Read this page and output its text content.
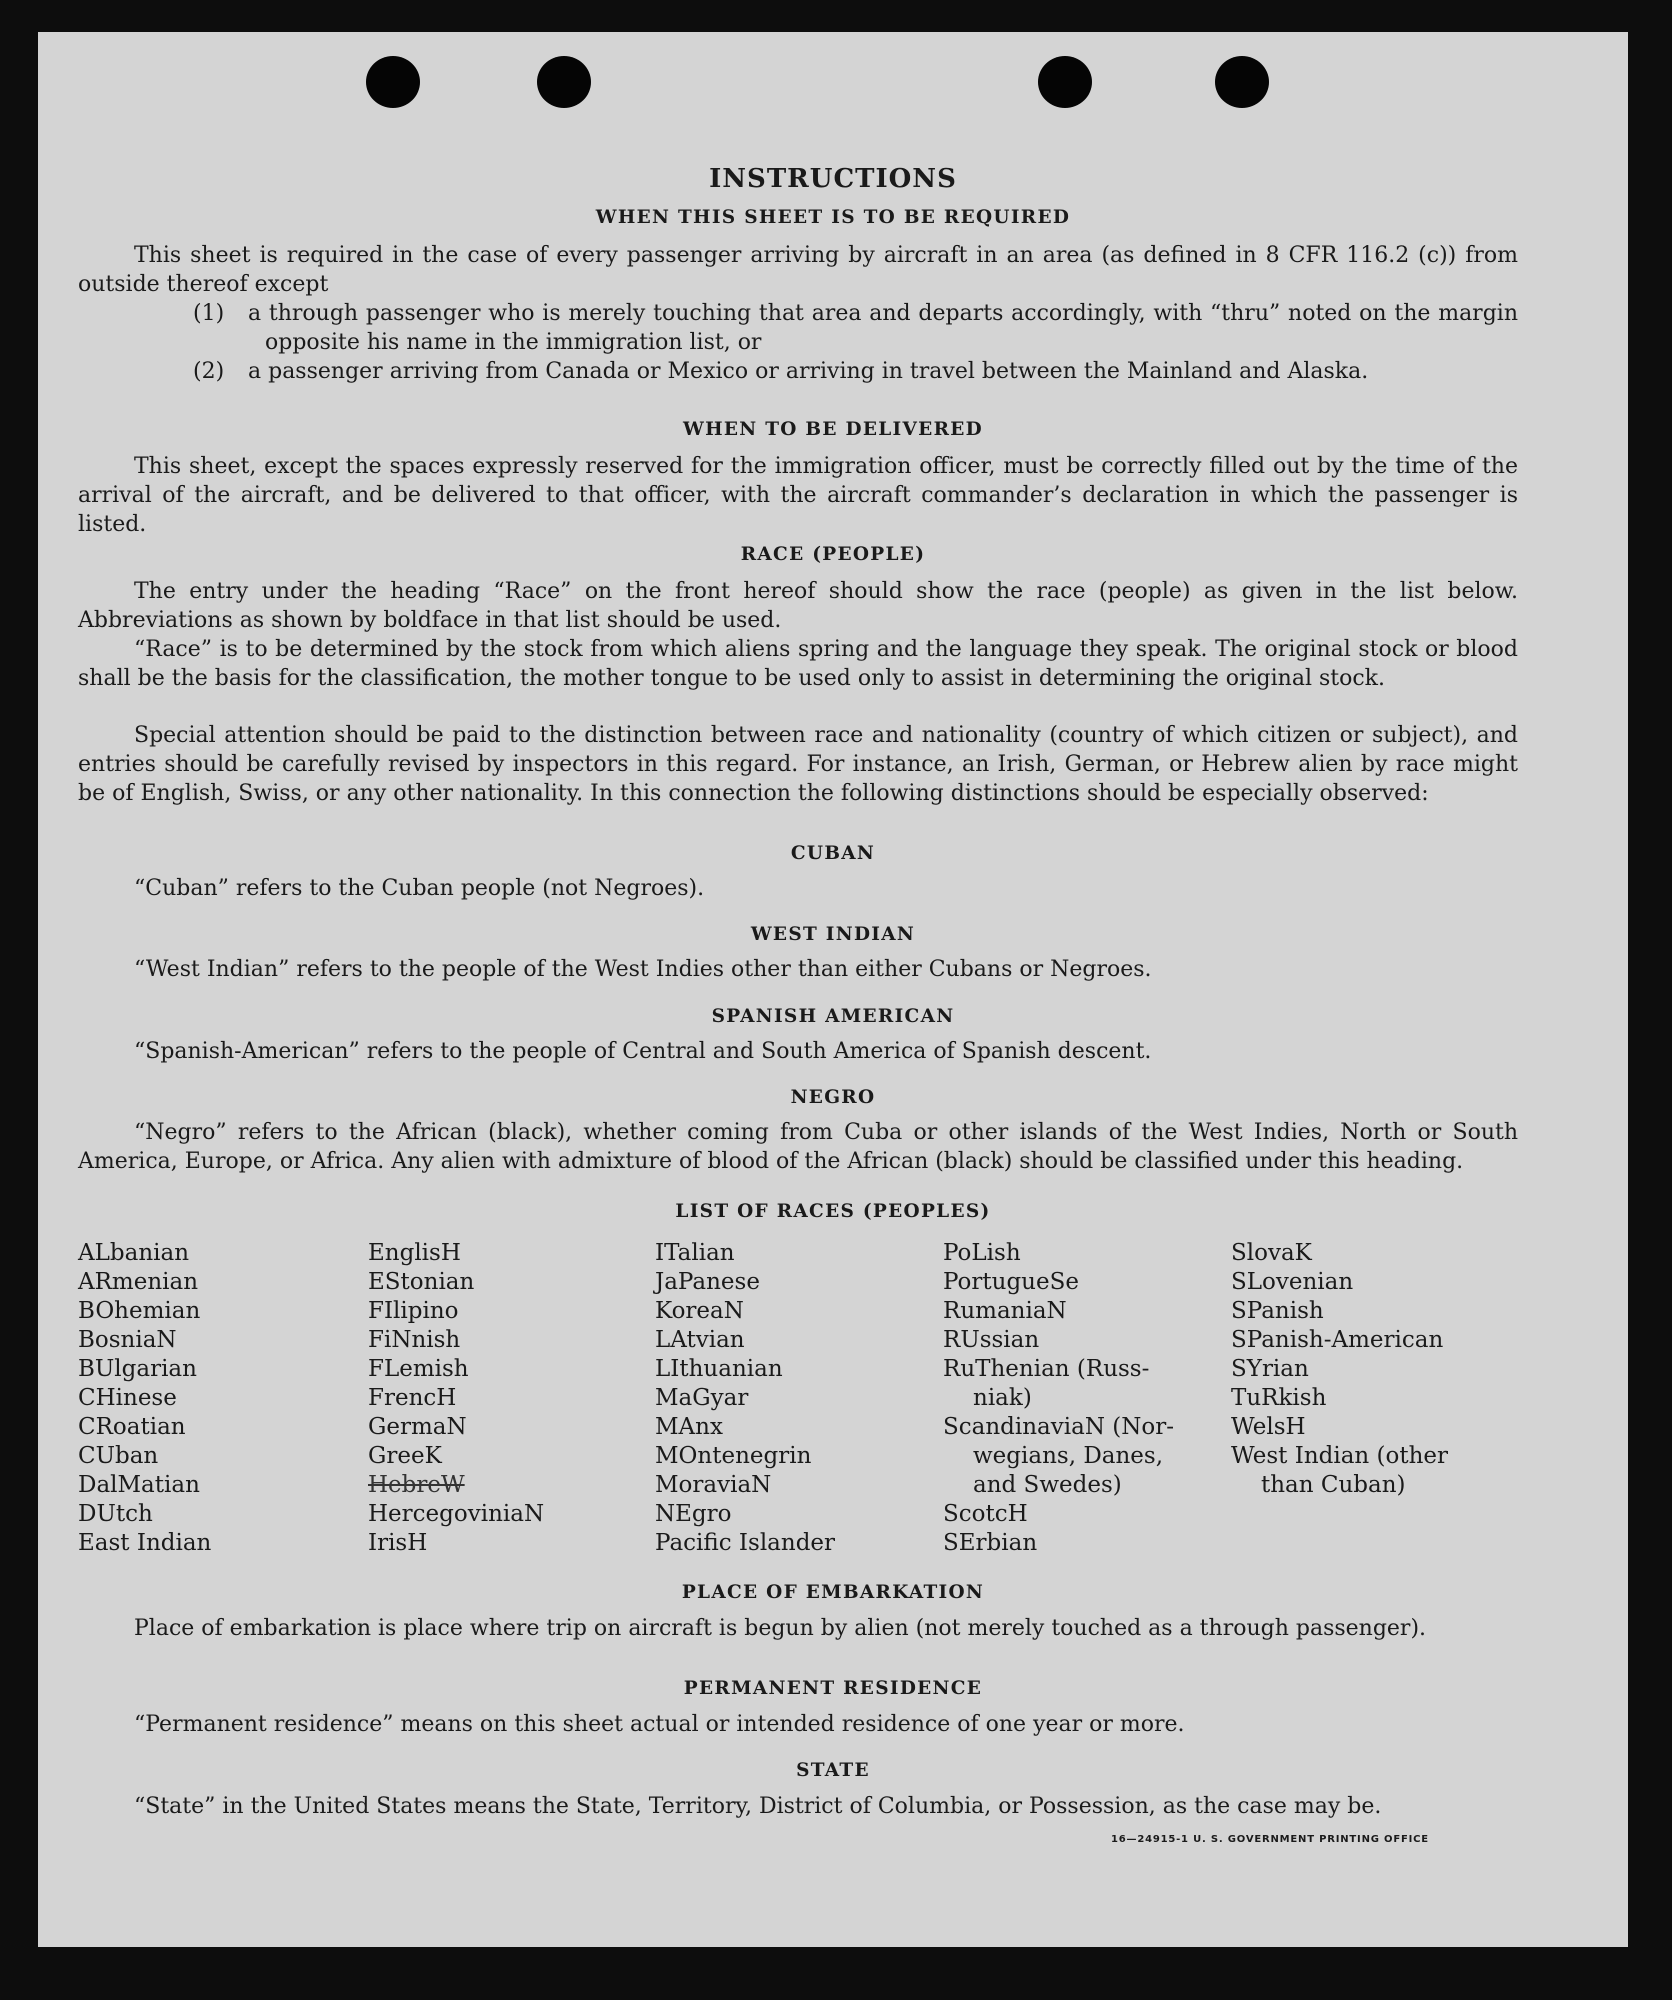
INSTRUCTIONS
WHEN THIS SHEET IS TO BE REQUIRED
This sheet is required in the case of every passenger arriving by aircraft in an area (as defined in 8 CFR 116.2 (c)) from outside thereof except
(1) a through passenger who is merely touching that area and departs accordingly, with “thru” noted on the margin opposite his name in the immigration list, or
(2) a passenger arriving from Canada or Mexico or arriving in travel between the Mainland and Alaska.
WHEN TO BE DELIVERED
This sheet, except the spaces expressly reserved for the immigration officer, must be correctly filled out by the time of the arrival of the aircraft, and be delivered to that officer, with the aircraft commander’s declaration in which the passenger is listed.
RACE (PEOPLE)
The entry under the heading “Race” on the front hereof should show the race (people) as given in the list below. Abbreviations as shown by boldface in that list should be used.
“Race” is to be determined by the stock from which aliens spring and the language they speak. The original stock or blood shall be the basis for the classification, the mother tongue to be used only to assist in determining the original stock.
Special attention should be paid to the distinction between race and nationality (country of which citizen or subject), and entries should be carefully revised by inspectors in this regard. For instance, an Irish, German, or Hebrew alien by race might be of English, Swiss, or any other nationality. In this connection the following distinctions should be especially observed:
CUBAN
“Cuban” refers to the Cuban people (not Negroes).
WEST INDIAN
“West Indian” refers to the people of the West Indies other than either Cubans or Negroes.
SPANISH AMERICAN
“Spanish-American” refers to the people of Central and South America of Spanish descent.
NEGRO
“Negro” refers to the African (black), whether coming from Cuba or other islands of the West Indies, North or South America, Europe, or Africa. Any alien with admixture of blood of the African (black) should be classified under this heading.
LIST OF RACES (PEOPLES)
ALbanian
ARmenian
BOhemian
BosniaN
BUlgarian
CHinese
CRoatian
CUban
DalMatian
DUtch
East Indian
EnglisH
EStonian
FIlipino
FiNnish
FLemish
FrencH
GermaN
GreeK
HebreW
HercegoviniaN
IrisH
ITalian
JaPanese
KoreaN
LAtvian
LIthuanian
MaGyar
MAnx
MOntenegrin
MoraviaN
NEgro
Pacific Islander
PoLish
PortugueSe
RumaniaN
RUssian
RuThenian (Russ-
niak)
ScandinaviaN (Nor-
wegians, Danes,
and Swedes)
ScotcH
SErbian
SlovaK
SLovenian
SPanish
SPanish-American
SYrian
TuRkish
WelsH
West Indian (other
than Cuban)
PLACE OF EMBARKATION
Place of embarkation is place where trip on aircraft is begun by alien (not merely touched as a through passenger).
PERMANENT RESIDENCE
“Permanent residence” means on this sheet actual or intended residence of one year or more.
STATE
“State” in the United States means the State, Territory, District of Columbia, or Possession, as the case may be.
16—24915-1 U. S. GOVERNMENT PRINTING OFFICE
